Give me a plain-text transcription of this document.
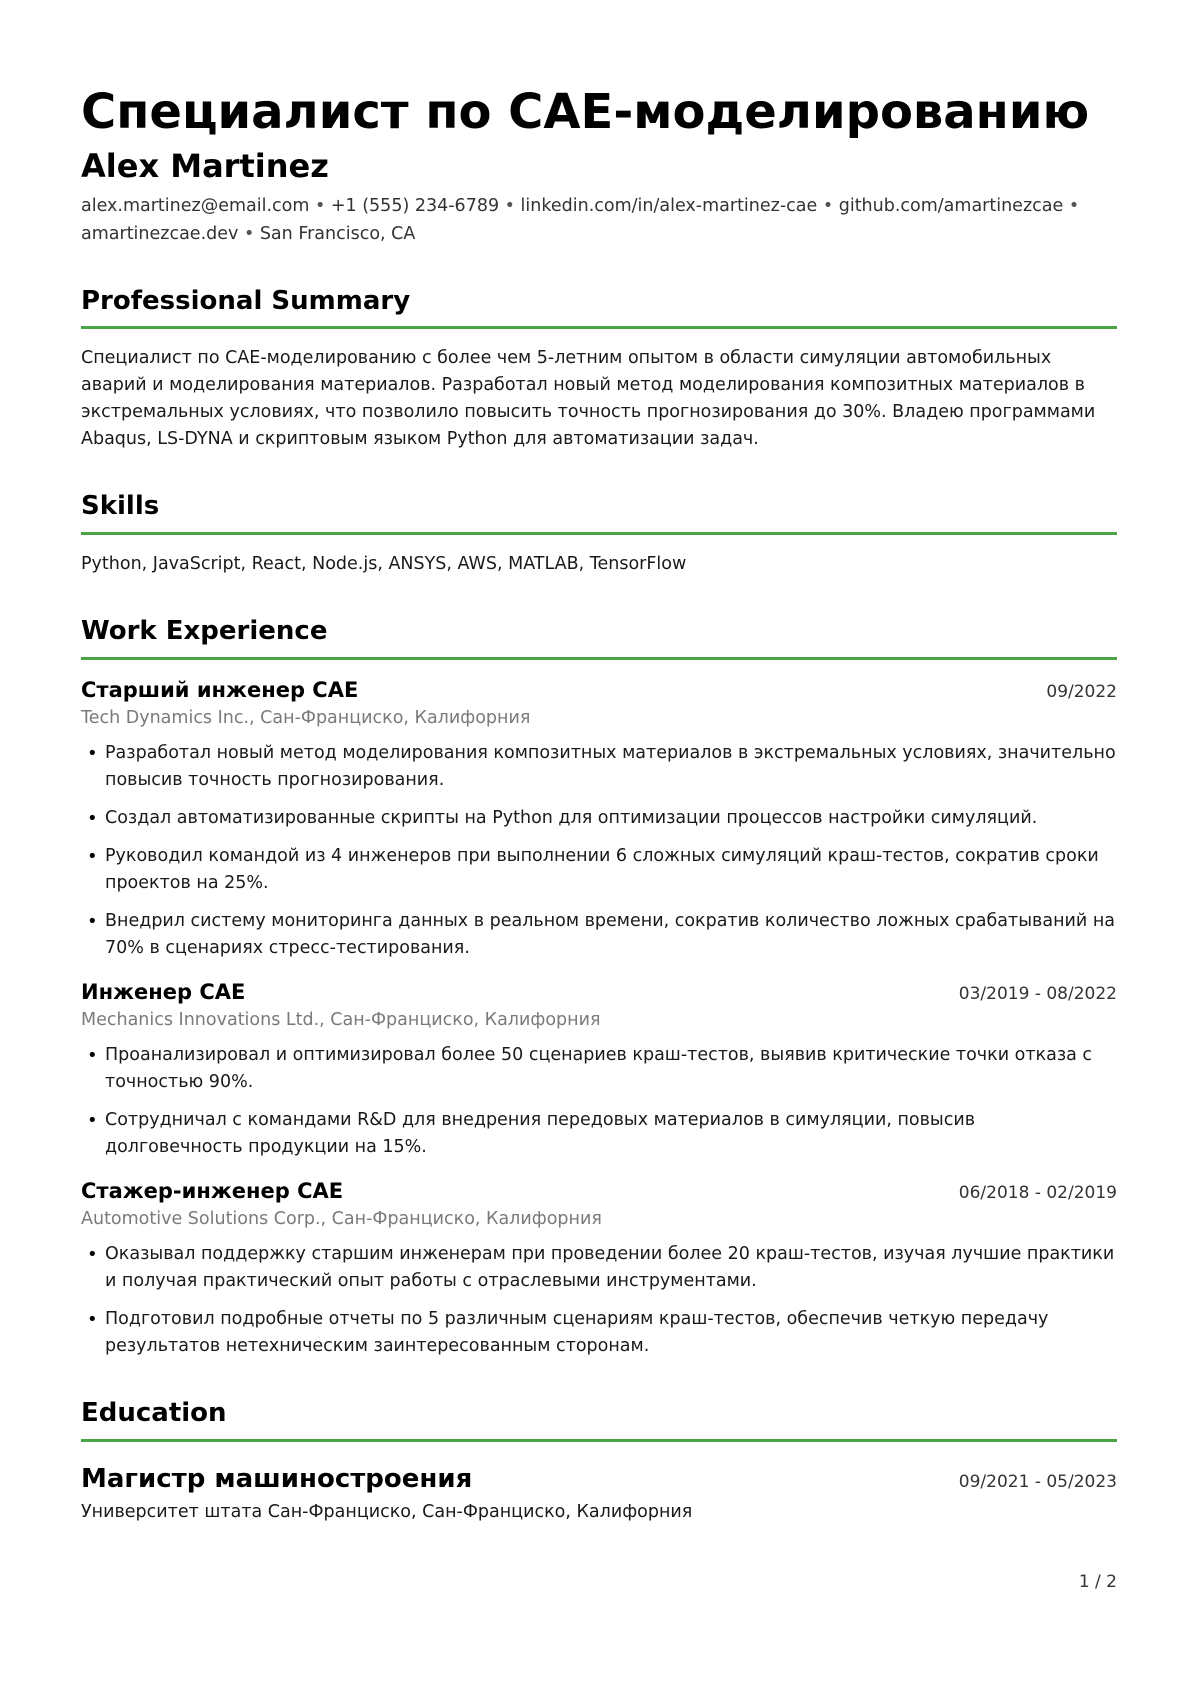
Специалист по CAE-моделированию
Alex Martinez
alex.martinez@email.com • +1 (555) 234-6789 • linkedin.com/in/alex-martinez-cae • github.com/amartinezcae •
amartinezcae.dev • San Francisco, CA
Professional Summary
Специалист по CAE-моделированию с более чем 5-летним опытом в области симуляции автомобильных аварий и моделирования материалов. Разработал новый метод моделирования композитных материалов в экстремальных условиях, что позволило повысить точность прогнозирования до 30%. Владею программами Abaqus, LS-DYNA и скриптовым языком Python для автоматизации задач.
Skills
Python, JavaScript, React, Node.js, ANSYS, AWS, MATLAB, TensorFlow
Work Experience
Старший инженер CAE	09/2022
Tech Dynamics Inc., Сан-Франциско, Калифорния
• Разработал новый метод моделирования композитных материалов в экстремальных условиях, значительно повысив точность прогнозирования.
• Создал автоматизированные скрипты на Python для оптимизации процессов настройки симуляций.
• Руководил командой из 4 инженеров при выполнении 6 сложных симуляций краш-тестов, сократив сроки проектов на 25%.
• Внедрил систему мониторинга данных в реальном времени, сократив количество ложных срабатываний на 70% в сценариях стресс-тестирования.
Инженер CAE	03/2019 - 08/2022
Mechanics Innovations Ltd., Сан-Франциско, Калифорния
• Проанализировал и оптимизировал более 50 сценариев краш-тестов, выявив критические точки отказа с точностью 90%.
• Сотрудничал с командами R&D для внедрения передовых материалов в симуляции, повысив долговечность продукции на 15%.
Стажер-инженер CAE	06/2018 - 02/2019
Automotive Solutions Corp., Сан-Франциско, Калифорния
• Оказывал поддержку старшим инженерам при проведении более 20 краш-тестов, изучая лучшие практики и получая практический опыт работы с отраслевыми инструментами.
• Подготовил подробные отчеты по 5 различным сценариям краш-тестов, обеспечив четкую передачу результатов нетехническим заинтересованным сторонам.
Education
Магистр машиностроения	09/2021 - 05/2023
Университет штата Сан-Франциско, Сан-Франциско, Калифорния
1 / 2
